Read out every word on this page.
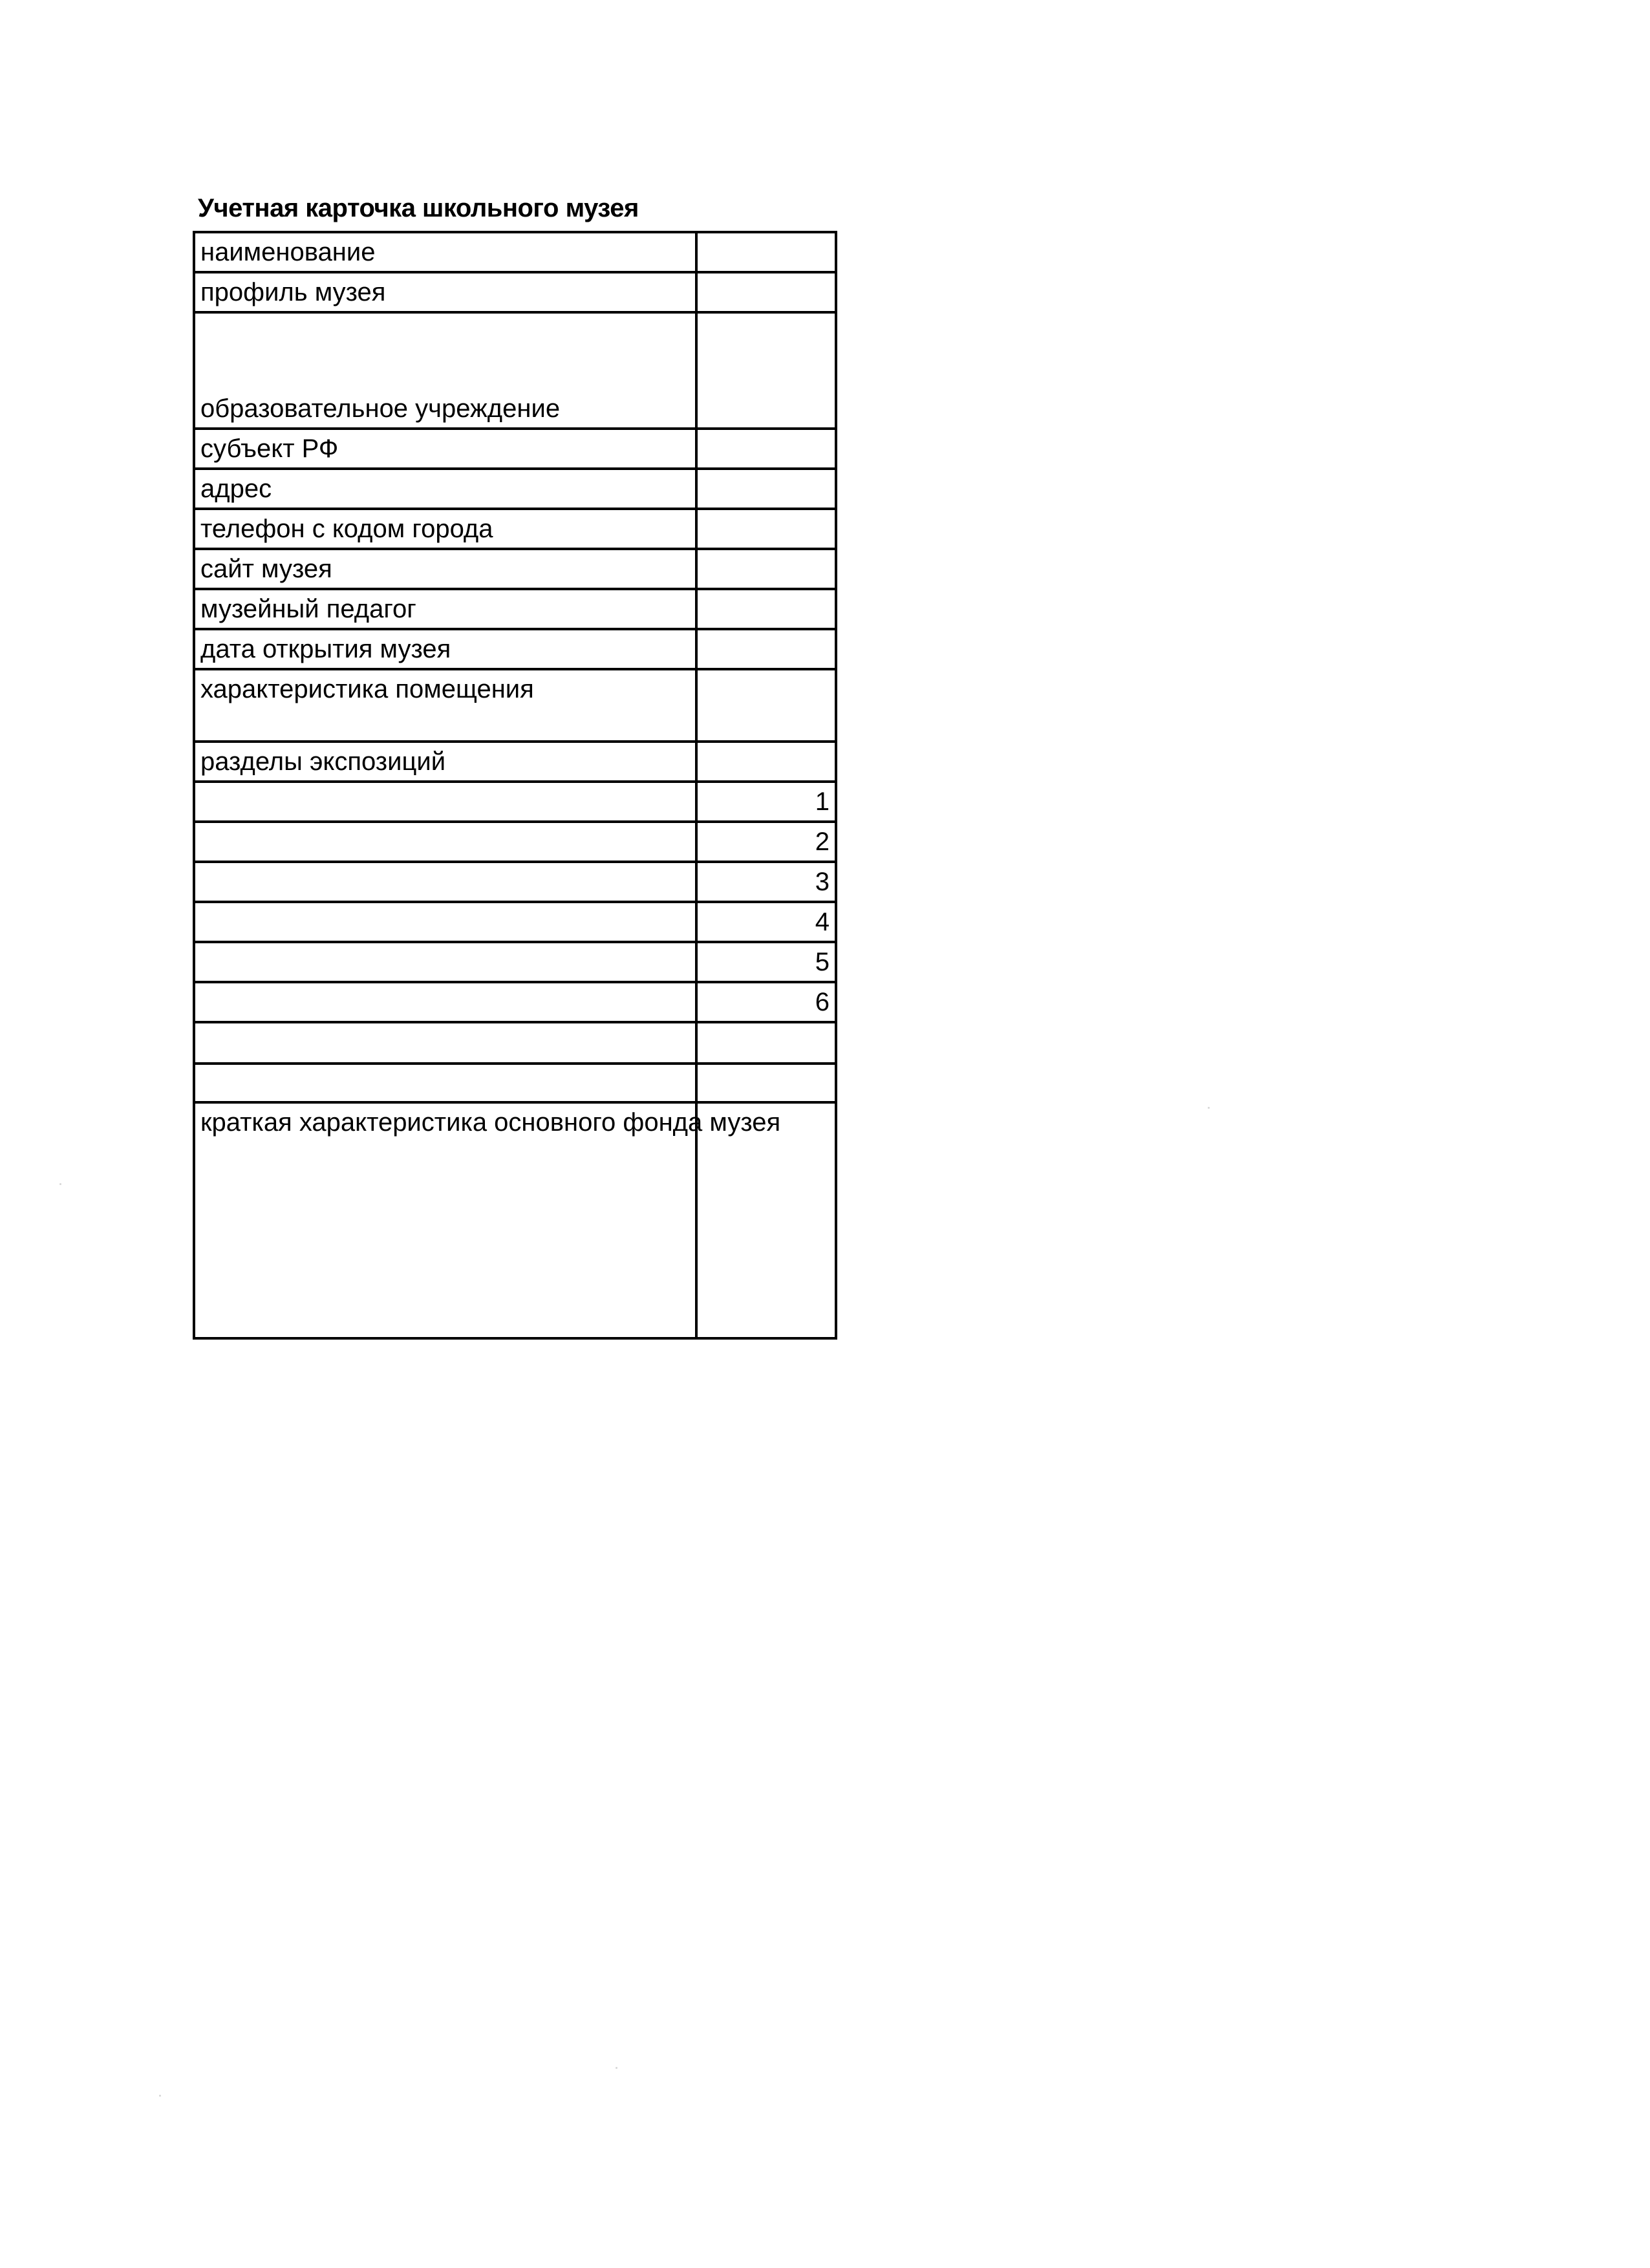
Учетная карточка школьного музея
наименование	
профиль музея	
образовательное учреждение	
субъект РФ	
адрес	
телефон с кодом города	
сайт музея	
музейный педагог	
дата открытия музея	
характеристика помещения	
разделы экспозиций	
	1
	2
	3
	4
	5
	6

краткая характеристика основного фонда музея	
